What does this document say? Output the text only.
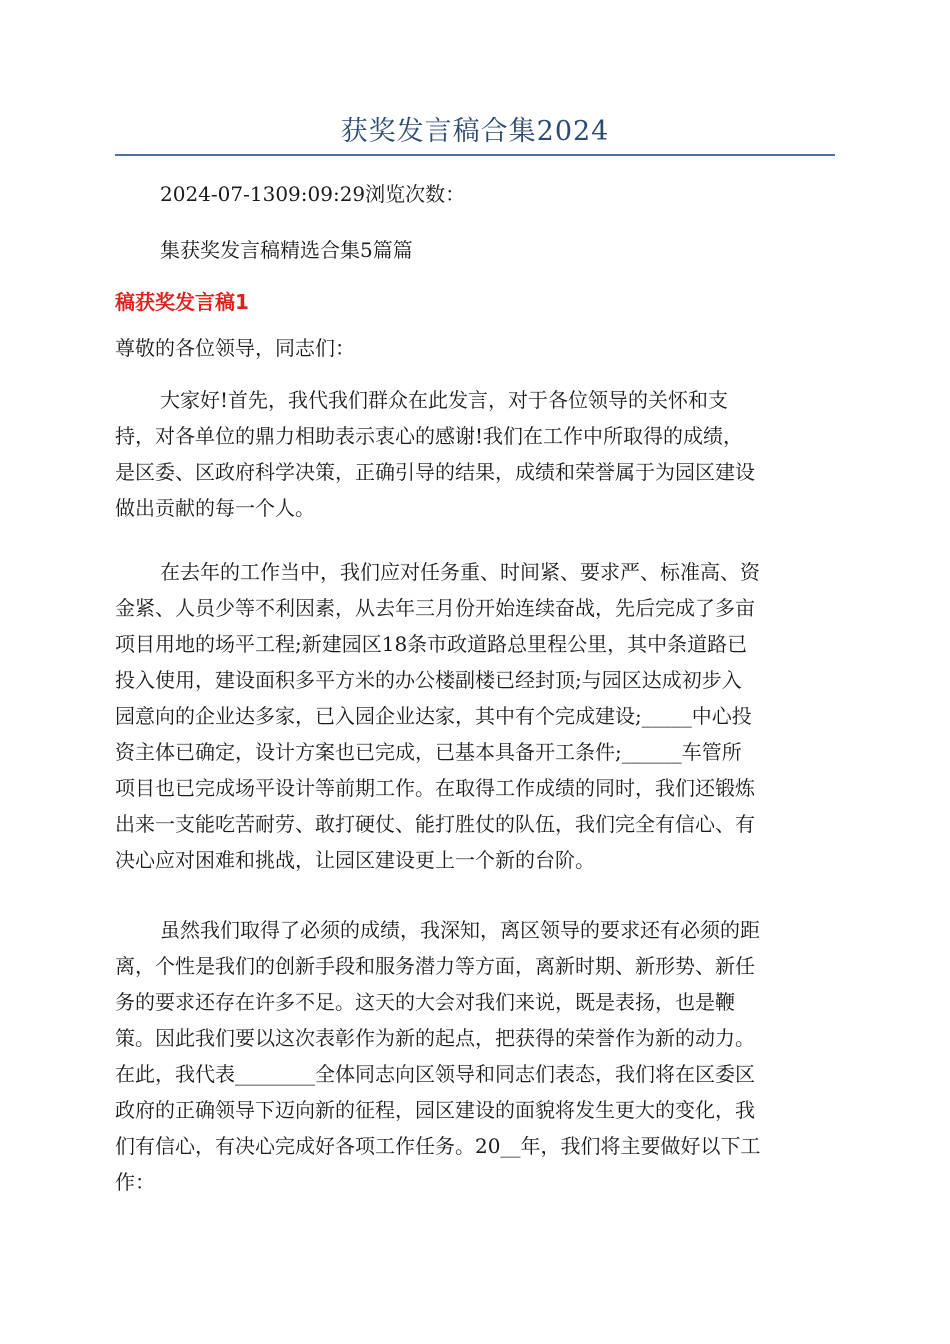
获奖发言稿合集2024
2024-07-1309:09:29浏览次数：
集获奖发言稿精选合集5篇篇
稿获奖发言稿1
尊敬的各位领导，同志们：
大家好!首先，我代我们群众在此发言，对于各位领导的关怀和支
持，对各单位的鼎力相助表示衷心的感谢!我们在工作中所取得的成绩，
是区委、区政府科学决策，正确引导的结果，成绩和荣誉属于为园区建设
做出贡献的每一个人。
在去年的工作当中，我们应对任务重、时间紧、要求严、标准高、资
金紧、人员少等不利因素，从去年三月份开始连续奋战，先后完成了多亩
项目用地的场平工程;新建园区18条市政道路总里程公里，其中条道路已
投入使用，建设面积多平方米的办公楼副楼已经封顶;与园区达成初步入
园意向的企业达多家，已入园企业达家，其中有个完成建设;_____中心投
资主体已确定，设计方案也已完成，已基本具备开工条件;______车管所
项目也已完成场平设计等前期工作。在取得工作成绩的同时，我们还锻炼
出来一支能吃苦耐劳、敢打硬仗、能打胜仗的队伍，我们完全有信心、有
决心应对困难和挑战，让园区建设更上一个新的台阶。
虽然我们取得了必须的成绩，我深知，离区领导的要求还有必须的距
离，个性是我们的创新手段和服务潜力等方面，离新时期、新形势、新任
务的要求还存在许多不足。这天的大会对我们来说，既是表扬，也是鞭
策。因此我们要以这次表彰作为新的起点，把获得的荣誉作为新的动力。
在此，我代表________全体同志向区领导和同志们表态，我们将在区委区
政府的正确领导下迈向新的征程，园区建设的面貌将发生更大的变化，我
们有信心，有决心完成好各项工作任务。20__年，我们将主要做好以下工
作：
